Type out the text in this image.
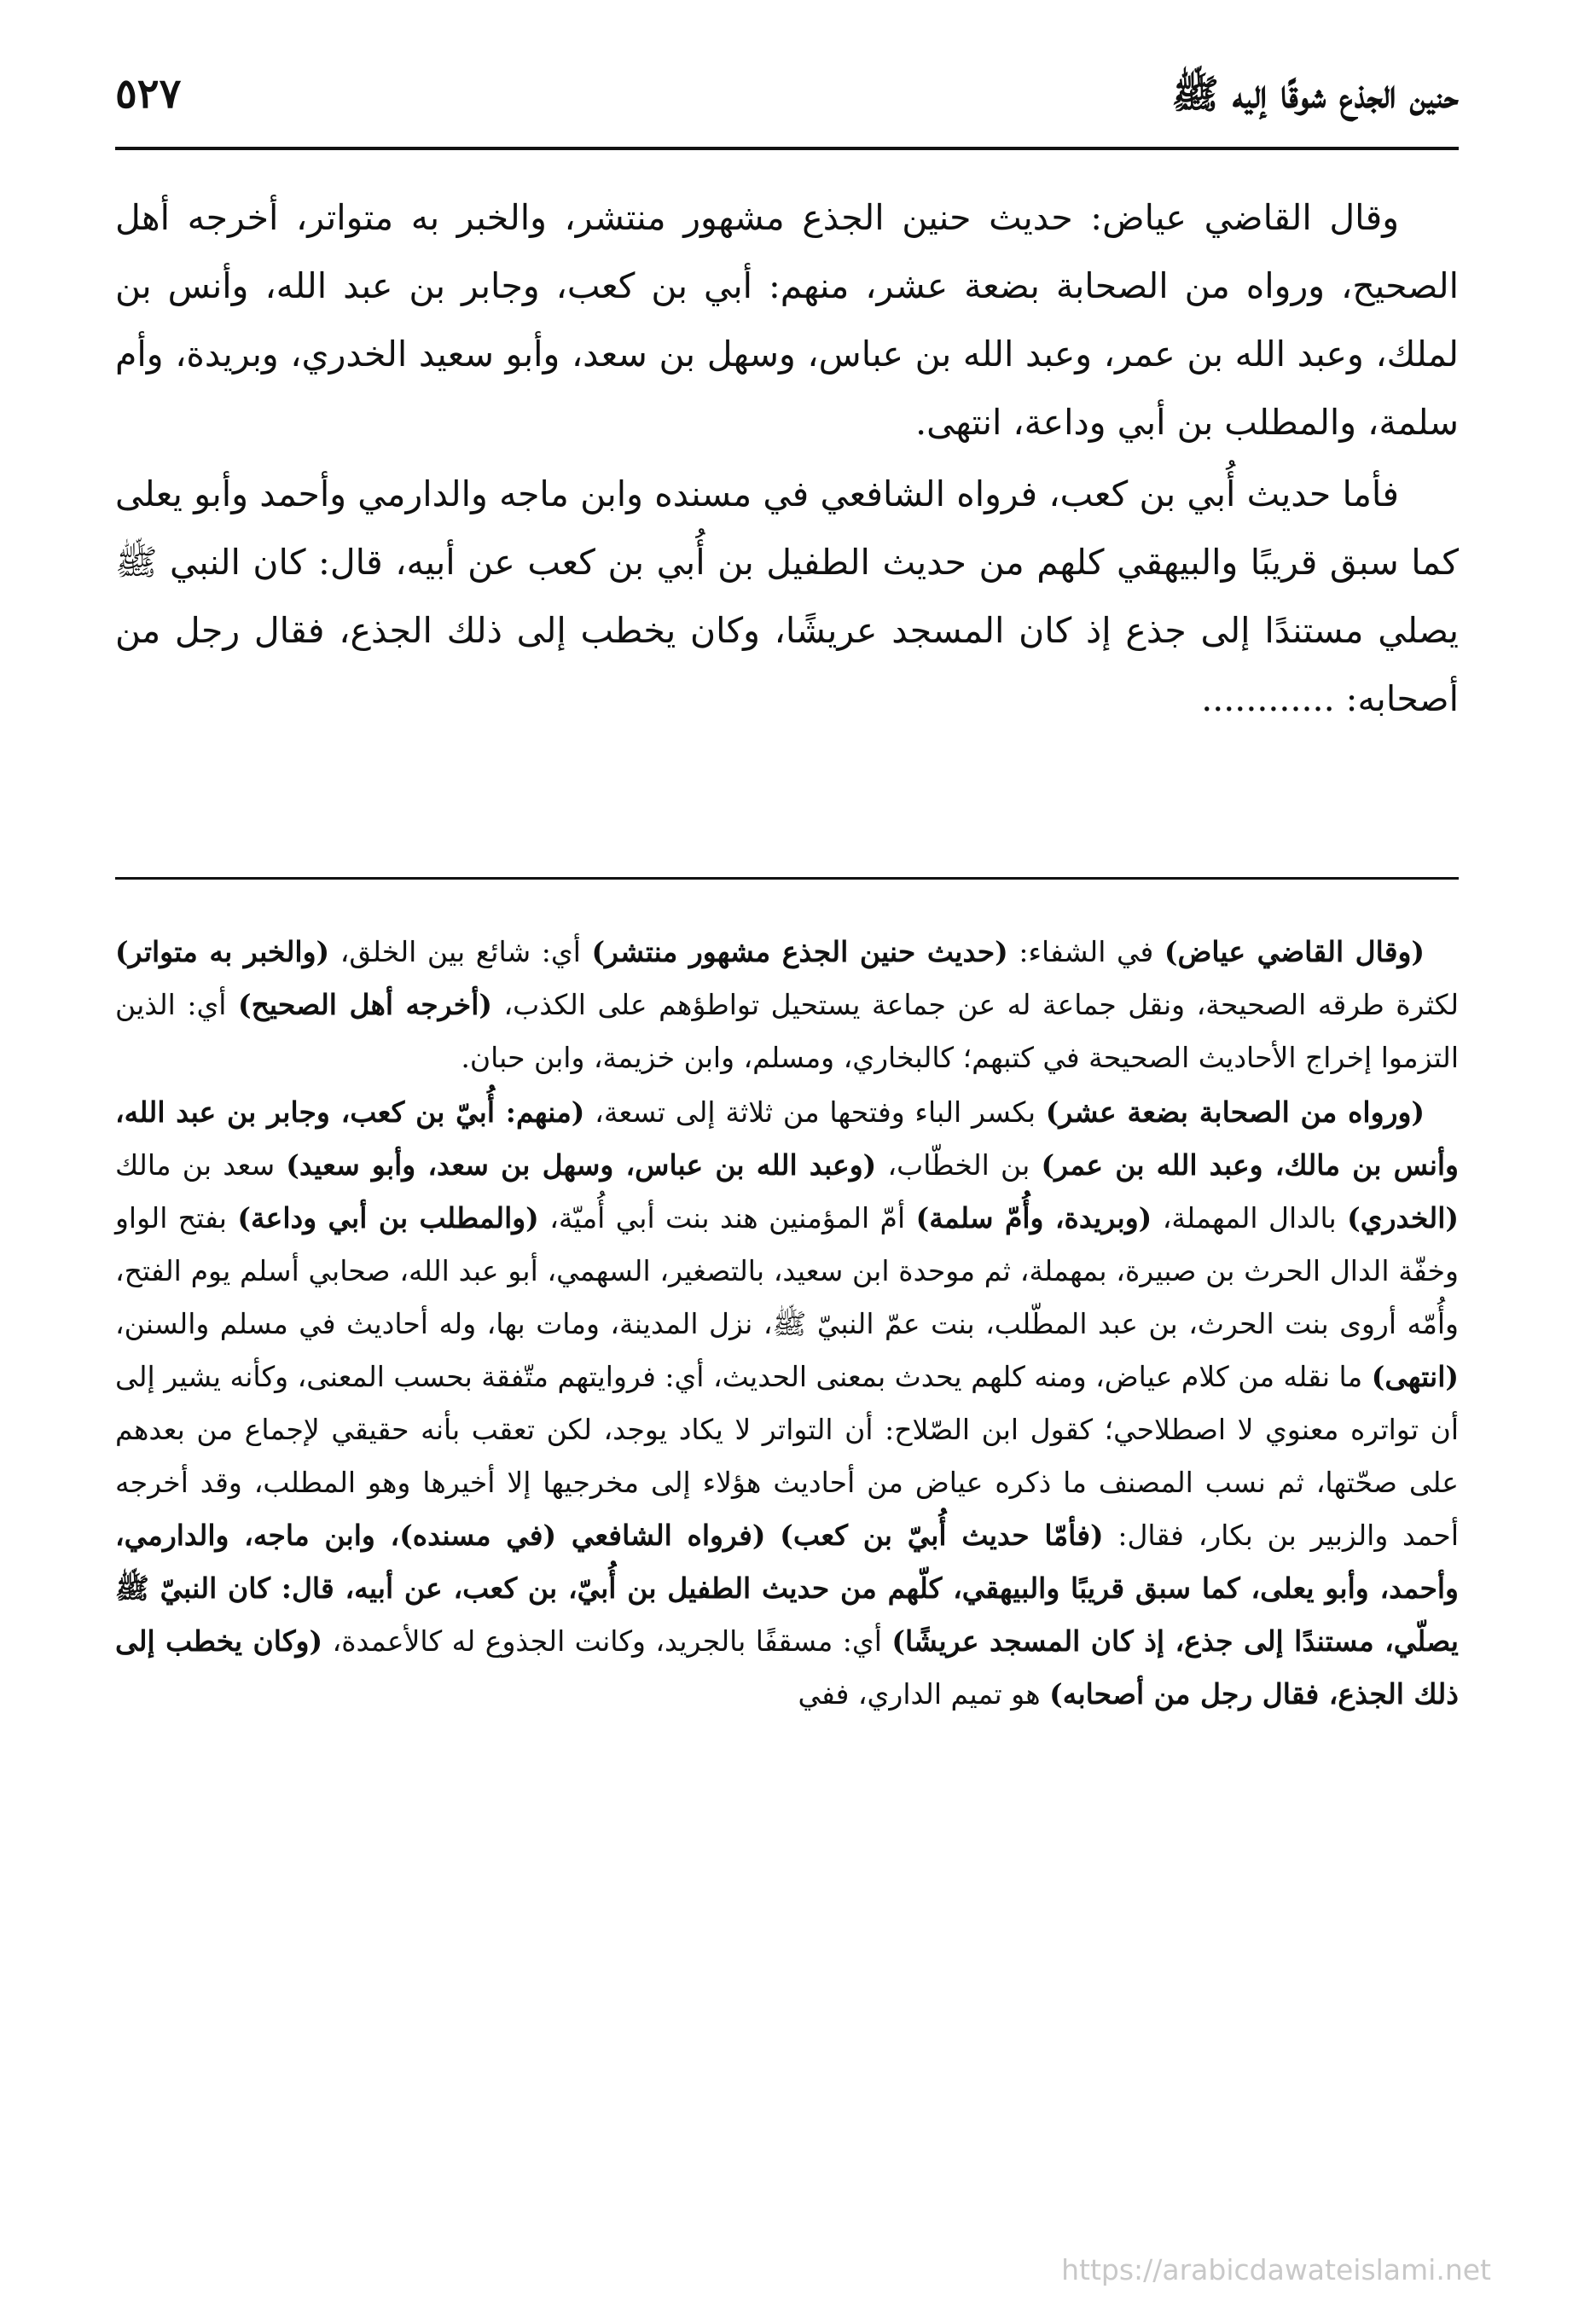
حنين الجذع شوقًا إليه ﷺ
٥٢٧

وقال القاضي عياض: حديث حنين الجذع مشهور منتشر، والخبر به متواتر، أخرجه أهل الصحيح، ورواه من الصحابة بضعة عشر، منهم: أبي بن كعب، وجابر بن عبد الله، وأنس بن لملك، وعبد الله بن عمر، وعبد الله بن عباس، وسهل بن سعد، وأبو سعيد الخدري، وبريدة، وأم سلمة، والمطلب بن أبي وداعة، انتهى.

فأما حديث أُبي بن كعب، فرواه الشافعي في مسنده وابن ماجه والدارمي وأحمد وأبو يعلى كما سبق قريبًا والبيهقي كلهم من حديث الطفيل بن أُبي بن كعب عن أبيه، قال: كان النبي ﷺ يصلي مستندًا إلى جذع إذ كان المسجد عريشًا، وكان يخطب إلى ذلك الجذع، فقال رجل من أصحابه: ............

(وقال القاضي عياض) في الشفاء: (حديث حنين الجذع مشهور منتشر) أي: شائع بين الخلق، (والخبر به متواتر) لكثرة طرقه الصحيحة، ونقل جماعة له عن جماعة يستحيل تواطؤهم على الكذب، (أخرجه أهل الصحيح) أي: الذين التزموا إخراج الأحاديث الصحيحة في كتبهم؛ كالبخاري، ومسلم، وابن خزيمة، وابن حبان.

(ورواه من الصحابة بضعة عشر) بكسر الباء وفتحها من ثلاثة إلى تسعة، (منهم: أُبيّ بن كعب، وجابر بن عبد الله، وأنس بن مالك، وعبد الله بن عمر) بن الخطّاب، (وعبد الله بن عباس، وسهل بن سعد، وأبو سعيد) سعد بن مالك (الخدري) بالدال المهملة، (وبريدة، وأُمّ سلمة) أمّ المؤمنين هند بنت أبي أُميّة، (والمطلب بن أبي وداعة) بفتح الواو وخفّة الدال الحرث بن صبيرة، بمهملة، ثم موحدة ابن سعيد، بالتصغير، السهمي، أبو عبد الله، صحابي أسلم يوم الفتح، وأُمّه أروى بنت الحرث، بن عبد المطّلب، بنت عمّ النبيّ ﷺ، نزل المدينة، ومات بها، وله أحاديث في مسلم والسنن، (انتهى) ما نقله من كلام عياض، ومنه كلهم يحدث بمعنى الحديث، أي: فروايتهم متّفقة بحسب المعنى، وكأنه يشير إلى أن تواتره معنوي لا اصطلاحي؛ كقول ابن الصّلاح: أن التواتر لا يكاد يوجد، لكن تعقب بأنه حقيقي لإجماع من بعدهم على صحّتها، ثم نسب المصنف ما ذكره عياض من أحاديث هؤلاء إلى مخرجيها إلا أخيرها وهو المطلب، وقد أخرجه أحمد والزبير بن بكار، فقال: (فأمّا حديث أُبيّ بن كعب) (فرواه الشافعي (في مسنده)، وابن ماجه، والدارمي، وأحمد، وأبو يعلى، كما سبق قريبًا والبيهقي، كلّهم من حديث الطفيل بن أُبيّ، بن كعب، عن أبيه، قال: كان النبيّ ﷺ يصلّي، مستندًا إلى جذع، إذ كان المسجد عريشًا) أي: مسقفًا بالجريد، وكانت الجذوع له كالأعمدة، (وكان يخطب إلى ذلك الجذع، فقال رجل من أصحابه) هو تميم الداري، ففي

https://arabicdawateislami.net
